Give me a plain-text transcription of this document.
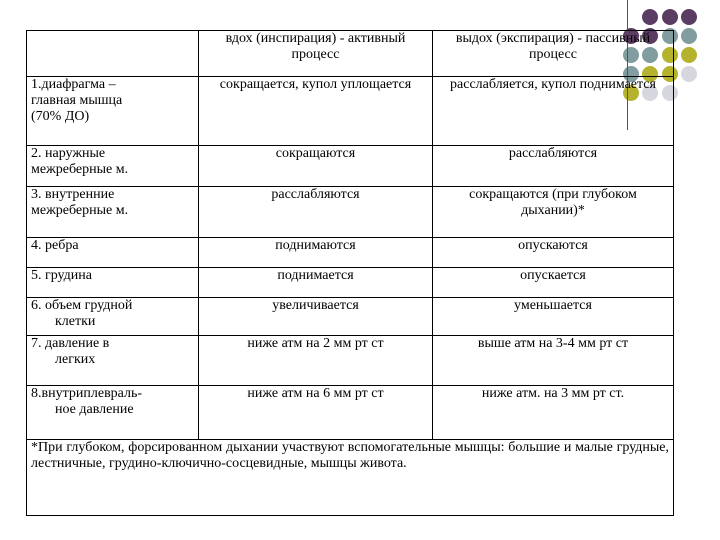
	вдох (инспирация) - активный процесс	выдох (экспирация) - пассивный процесс
1.диафрагма –
главная мышца
(70% ДО)	сокращается, купол уплощается	расслабляется, купол поднимается
2. наружные
межреберные м.	сокращаются	расслабляются
3. внутренние
межреберные м.	расслабляются	сокращаются (при глубоком дыхании)*
4. ребра	поднимаются	опускаются
5. грудина	поднимается	опускается
6. объем грудной

клетки	увеличивается	уменьшается
7. давление в

легких	ниже атм на 2 мм рт ст	выше атм на 3-4 мм рт ст
8.внутриплевраль-

ное давление	ниже атм на 6 мм рт ст	ниже атм. на 3 мм рт ст.
*При глубоком, форсированном дыхании участвуют вспомогательные мышцы: большие и малые грудные, лестничные, грудино-ключично-сосцевидные, мышцы живота.		
